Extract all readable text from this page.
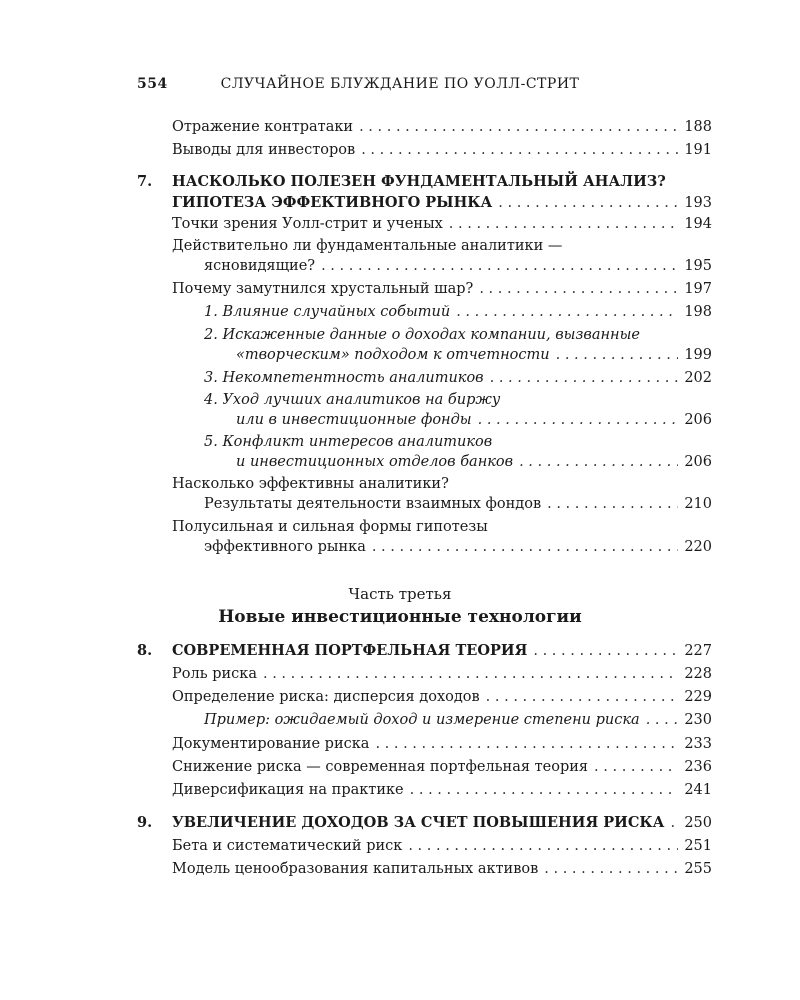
554	СЛУЧАЙНОЕ БЛУЖДАНИЕ ПО УОЛЛ-СТРИТ
Отражение контратаки . . .	188
Выводы для инвесторов . . .	191
7. НАСКОЛЬКО ПОЛЕЗЕН ФУНДАМЕНТАЛЬНЫЙ АНАЛИЗ?
ГИПОТЕЗА ЭФФЕКТИВНОГО РЫНКА . . .	193
Точки зрения Уолл-стрит и ученых . . .	194
Действительно ли фундаментальные аналитики —
ясновидящие? . . .	195
Почему замутнился хрустальный шар? . . .	197
1. Влияние случайных событий . . .	198
2. Искаженные данные о доходах компании, вызванные
«творческим» подходом к отчетности . . .	199
3. Некомпетентность аналитиков . . .	202
4. Уход лучших аналитиков на биржу
или в инвестиционные фонды . . .	206
5. Конфликт интересов аналитиков
и инвестиционных отделов банков . . .	206
Насколько эффективны аналитики?
Результаты деятельности взаимных фондов . . .	210
Полусильная и сильная формы гипотезы
эффективного рынка . . .	220
Часть третья
Новые инвестиционные технологии
8. СОВРЕМЕННАЯ ПОРТФЕЛЬНАЯ ТЕОРИЯ . . .	227
Роль риска . . .	228
Определение риска: дисперсия доходов . . .	229
Пример: ожидаемый доход и измерение степени риска . . .	230
Документирование риска . . .	233
Снижение риска — современная портфельная теория . . .	236
Диверсификация на практике . . .	241
9. УВЕЛИЧЕНИЕ ДОХОДОВ ЗА СЧЕТ ПОВЫШЕНИЯ РИСКА . . . 250
Бета и систематический риск . . .	251
Модель ценообразования капитальных активов . . .	255
